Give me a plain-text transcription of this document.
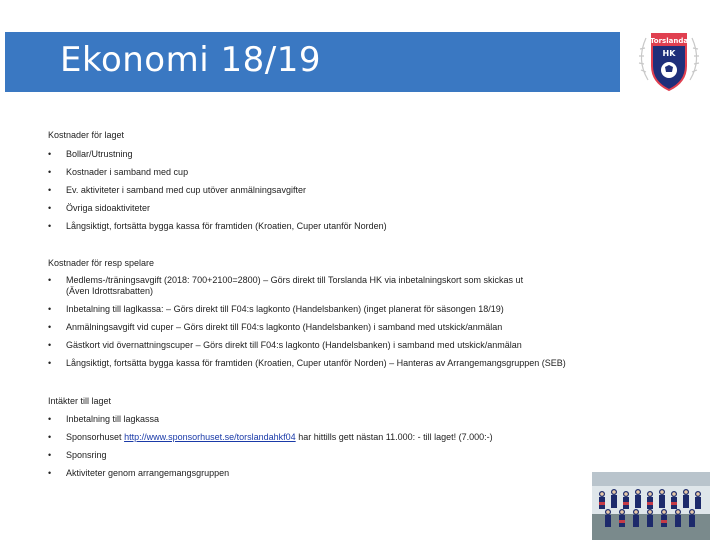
Ekonomi 18/19	Torslanda
HK
Kostnader för laget
• Bollar/Utrustning
• Kostnader i samband med cup
• Ev. aktiviteter i samband med cup utöver anmälningsavgifter
• Övriga sidoaktiviteter
• Långsiktigt, fortsätta bygga kassa för framtiden (Kroatien, Cuper utanför Norden)
Kostnader för resp spelare
• Medlems-/träningsavgift (2018: 700+2100=2800) – Görs direkt till Torslanda HK via inbetalningskort som skickas ut
(Även Idrottsrabatten)
• Inbetalning till laglkassa: – Görs direkt till F04:s lagkonto (Handelsbanken) (inget planerat för säsongen 18/19)
• Anmälningsavgift vid cuper – Görs direkt till F04:s lagkonto (Handelsbanken) i samband med utskick/anmälan
• Gästkort vid övernattningscuper – Görs direkt till F04:s lagkonto (Handelsbanken) i samband med utskick/anmälan
• Långsiktigt, fortsätta bygga kassa för framtiden (Kroatien, Cuper utanför Norden) – Hanteras av Arrangemangsgruppen (SEB)
Intäkter till laget
• Inbetalning till lagkassa
• Sponsorhuset http://www.sponsorhuset.se/torslandahkf04 har hittills gett nästan 11.000: - till laget! (7.000:-)
• Sponsring
• Aktiviteter genom arrangemangsgruppen
